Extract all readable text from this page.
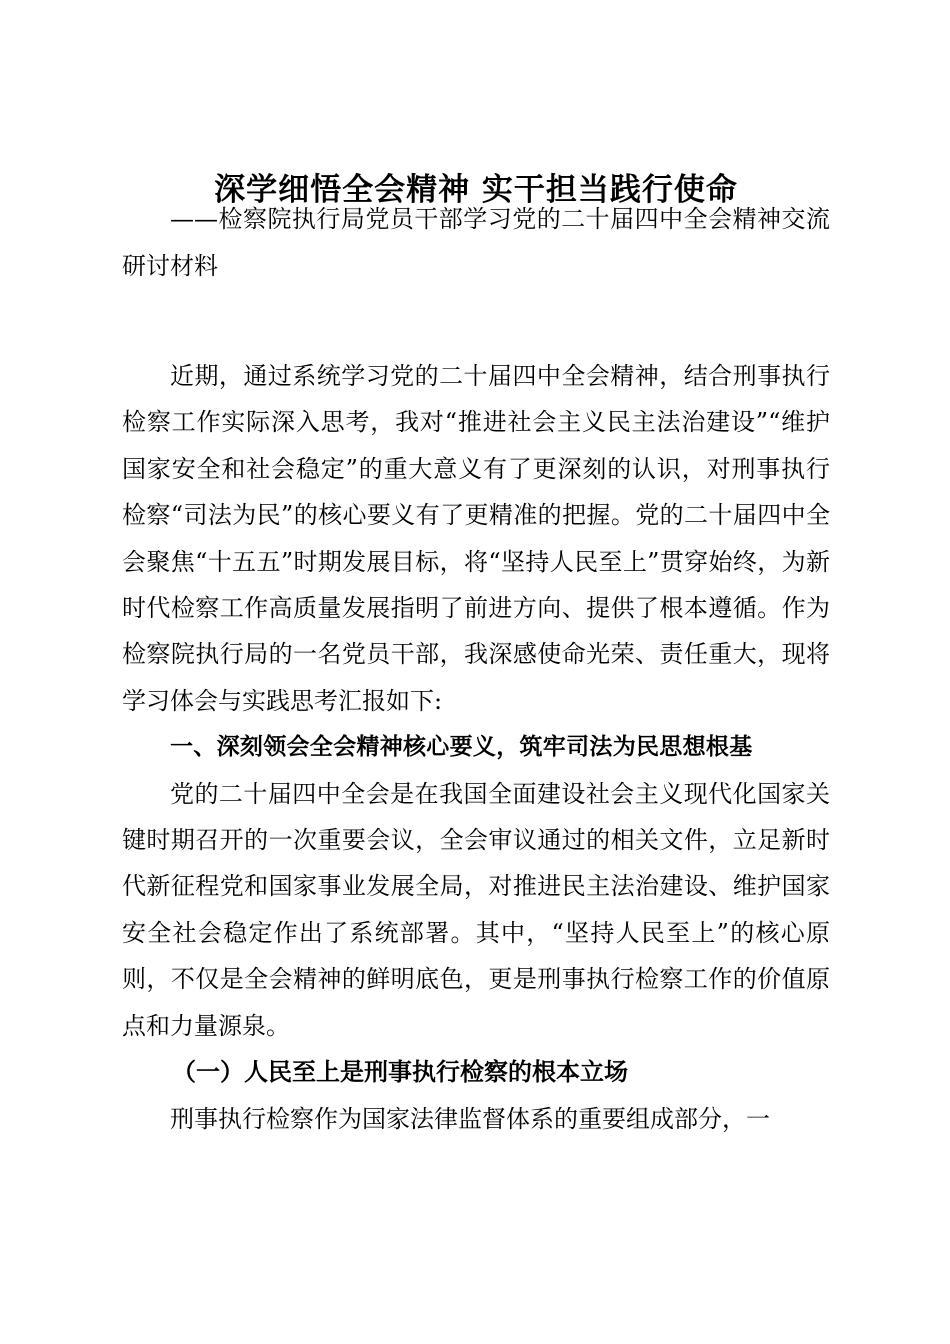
深学细悟全会精神 实干担当践行使命
——检察院执行局党员干部学习党的二十届四中全会精神交流研讨材料

近期，通过系统学习党的二十届四中全会精神，结合刑事执行检察工作实际深入思考，我对“推进社会主义民主法治建设”“维护国家安全和社会稳定”的重大意义有了更深刻的认识，对刑事执行检察“司法为民”的核心要义有了更精准的把握。党的二十届四中全会聚焦“十五五”时期发展目标，将“坚持人民至上”贯穿始终，为新时代检察工作高质量发展指明了前进方向、提供了根本遵循。作为检察院执行局的一名党员干部，我深感使命光荣、责任重大，现将学习体会与实践思考汇报如下:

一、深刻领会全会精神核心要义，筑牢司法为民思想根基

党的二十届四中全会是在我国全面建设社会主义现代化国家关键时期召开的一次重要会议，全会审议通过的相关文件，立足新时代新征程党和国家事业发展全局，对推进民主法治建设、维护国家安全社会稳定作出了系统部署。其中，“坚持人民至上”的核心原则，不仅是全会精神的鲜明底色，更是刑事执行检察工作的价值原点和力量源泉。

（一）人民至上是刑事执行检察的根本立场

刑事执行检察作为国家法律监督体系的重要组成部分，一
